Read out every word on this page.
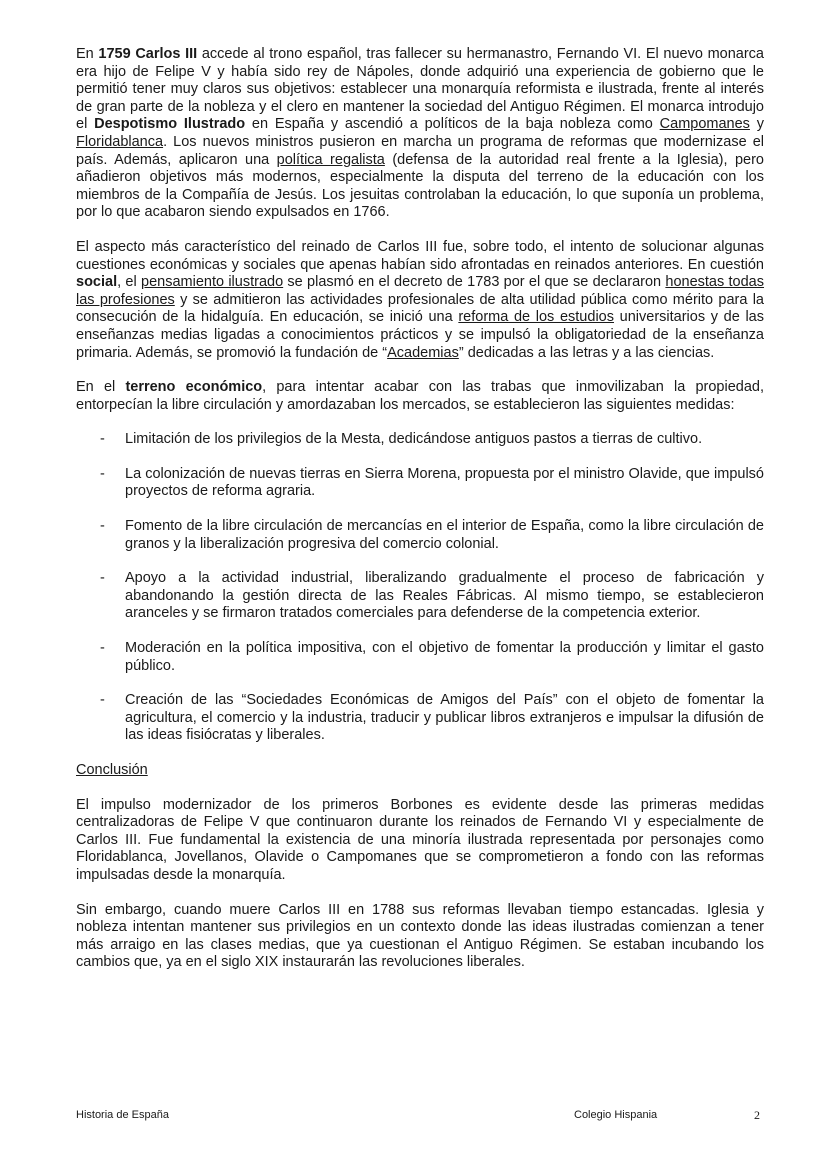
En 1759 Carlos III accede al trono español, tras fallecer su hermanastro, Fernando VI. El nuevo monarca era hijo de Felipe V y había sido rey de Nápoles, donde adquirió una experiencia de gobierno que le permitió tener muy claros sus objetivos: establecer una monarquía reformista e ilustrada, frente al interés de gran parte de la nobleza y el clero en mantener la sociedad del Antiguo Régimen. El monarca introdujo el Despotismo Ilustrado en España y ascendió a políticos de la baja nobleza como Campomanes y Floridablanca. Los nuevos ministros pusieron en marcha un programa de reformas que modernizase el país. Además, aplicaron una política regalista (defensa de la autoridad real frente a la Iglesia), pero añadieron objetivos más modernos, especialmente la disputa del terreno de la educación con los miembros de la Compañía de Jesús. Los jesuitas controlaban la educación, lo que suponía un problema, por lo que acabaron siendo expulsados en 1766.

El aspecto más característico del reinado de Carlos III fue, sobre todo, el intento de solucionar algunas cuestiones económicas y sociales que apenas habían sido afrontadas en reinados anteriores. En cuestión social, el pensamiento ilustrado se plasmó en el decreto de 1783 por el que se declararon honestas todas las profesiones y se admitieron las actividades profesionales de alta utilidad pública como mérito para la consecución de la hidalguía. En educación, se inició una reforma de los estudios universitarios y de las enseñanzas medias ligadas a conocimientos prácticos y se impulsó la obligatoriedad de la enseñanza primaria. Además, se promovió la fundación de “Academias” dedicadas a las letras y a las ciencias.

En el terreno económico, para intentar acabar con las trabas que inmovilizaban la propiedad, entorpecían la libre circulación y amordazaban los mercados, se establecieron las siguientes medidas:

- Limitación de los privilegios de la Mesta, dedicándose antiguos pastos a tierras de cultivo.
- La colonización de nuevas tierras en Sierra Morena, propuesta por el ministro Olavide, que impulsó proyectos de reforma agraria.
- Fomento de la libre circulación de mercancías en el interior de España, como la libre circulación de granos y la liberalización progresiva del comercio colonial.
- Apoyo a la actividad industrial, liberalizando gradualmente el proceso de fabricación y abandonando la gestión directa de las Reales Fábricas. Al mismo tiempo, se establecieron aranceles y se firmaron tratados comerciales para defenderse de la competencia exterior.
- Moderación en la política impositiva, con el objetivo de fomentar la producción y limitar el gasto público.
- Creación de las “Sociedades Económicas de Amigos del País” con el objeto de fomentar la agricultura, el comercio y la industria, traducir y publicar libros extranjeros e impulsar la difusión de las ideas fisiócratas y liberales.

Conclusión

El impulso modernizador de los primeros Borbones es evidente desde las primeras medidas centralizadoras de Felipe V que continuaron durante los reinados de Fernando VI y especialmente de Carlos III. Fue fundamental la existencia de una minoría ilustrada representada por personajes como Floridablanca, Jovellanos, Olavide o Campomanes que se comprometieron a fondo con las reformas impulsadas desde la monarquía.

Sin embargo, cuando muere Carlos III en 1788 sus reformas llevaban tiempo estancadas. Iglesia y nobleza intentan mantener sus privilegios en un contexto donde las ideas ilustradas comienzan a tener más arraigo en las clases medias, que ya cuestionan el Antiguo Régimen. Se estaban incubando los cambios que, ya en el siglo XIX instaurarán las revoluciones liberales.

Historia de España	Colegio Hispania	2
